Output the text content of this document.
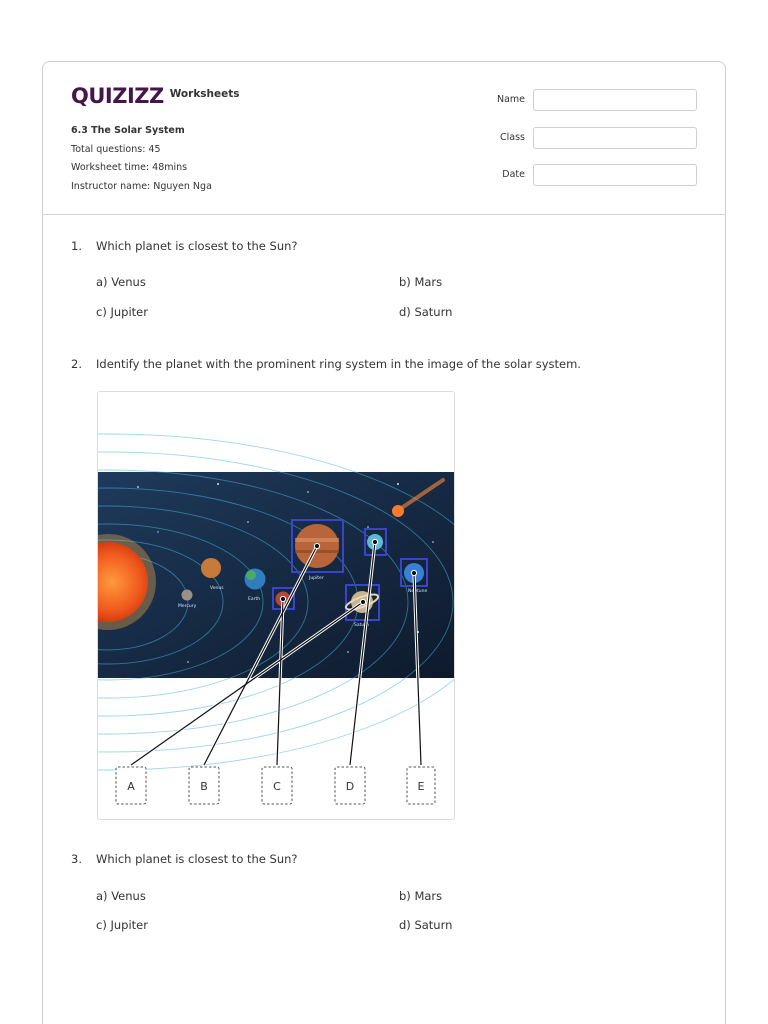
QUIZIZZ Worksheets
6.3 The Solar System
Total questions: 45
Worksheet time: 48mins
Instructor name: Nguyen Nga
Name
Class
Date
1. Which planet is closest to the Sun?
a) Venus	b) Mars
c) Jupiter	d) Saturn
2. Identify the planet with the prominent ring system in the image of the solar system.
Venus
Mercury
Earth
Jupiter
Saturn
Neptune
A	B	C	D	E
3. Which planet is closest to the Sun?
a) Venus	b) Mars
c) Jupiter	d) Saturn
